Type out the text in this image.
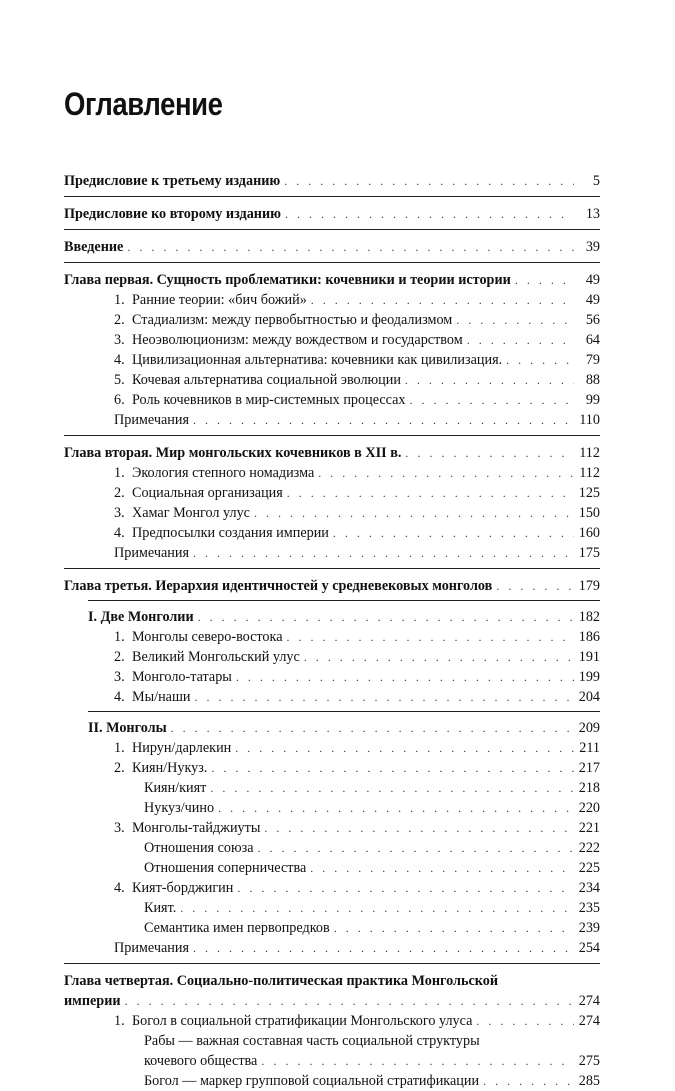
Оглавление
Предисловие к третьему изданию . . .	5
Предисловие ко второму изданию . . .	13
Введение . . .	39
Глава первая. Сущность проблематики: кочевники и теории истории . . .	49
1. Ранние теории: «бич божий» . . .	49
2. Стадиализм: между первобытностью и феодализмом . . .	56
3. Неоэволюционизм: между вождеством и государством . . .	64
4. Цивилизационная альтернатива: кочевники как цивилизация. . . .	79
5. Кочевая альтернатива социальной эволюции . . .	88
6. Роль кочевников в мир-системных процессах . . .	99
Примечания . . .	110
Глава вторая. Мир монгольских кочевников в XII в. . . .	112
1. Экология степного номадизма . . .	112
2. Социальная организация . . .	125
3. Хамаг Монгол улус . . .	150
4. Предпосылки создания империи . . .	160
Примечания . . .	175
Глава третья. Иерархия идентичностей у средневековых монголов . . .	179
I. Две Монголии . . .	182
1. Монголы северо-востока . . .	186
2. Великий Монгольский улус . . .	191
3. Монголо-татары . . .	199
4. Мы/наши . . .	204
II. Монголы . . .	209
1. Нирун/дарлекин . . .	211
2. Киян/Нукуз. . . .	217
Киян/кият . . .	218
Нукуз/чино . . .	220
3. Монголы-тайджиуты . . .	221
Отношения союза . . .	222
Отношения соперничества . . .	225
4. Кият-борджигин . . .	234
Кият. . . .	235
Семантика имен первопредков . . .	239
Примечания . . .	254
Глава четвертая. Социально-политическая практика Монгольской
империи . . .	274
1. Богол в социальной стратификации Монгольского улуса . . .	274
Рабы — важная составная часть социальной структуры
кочевого общества . . .	275
Богол — маркер групповой социальной стратификации . . .	285
